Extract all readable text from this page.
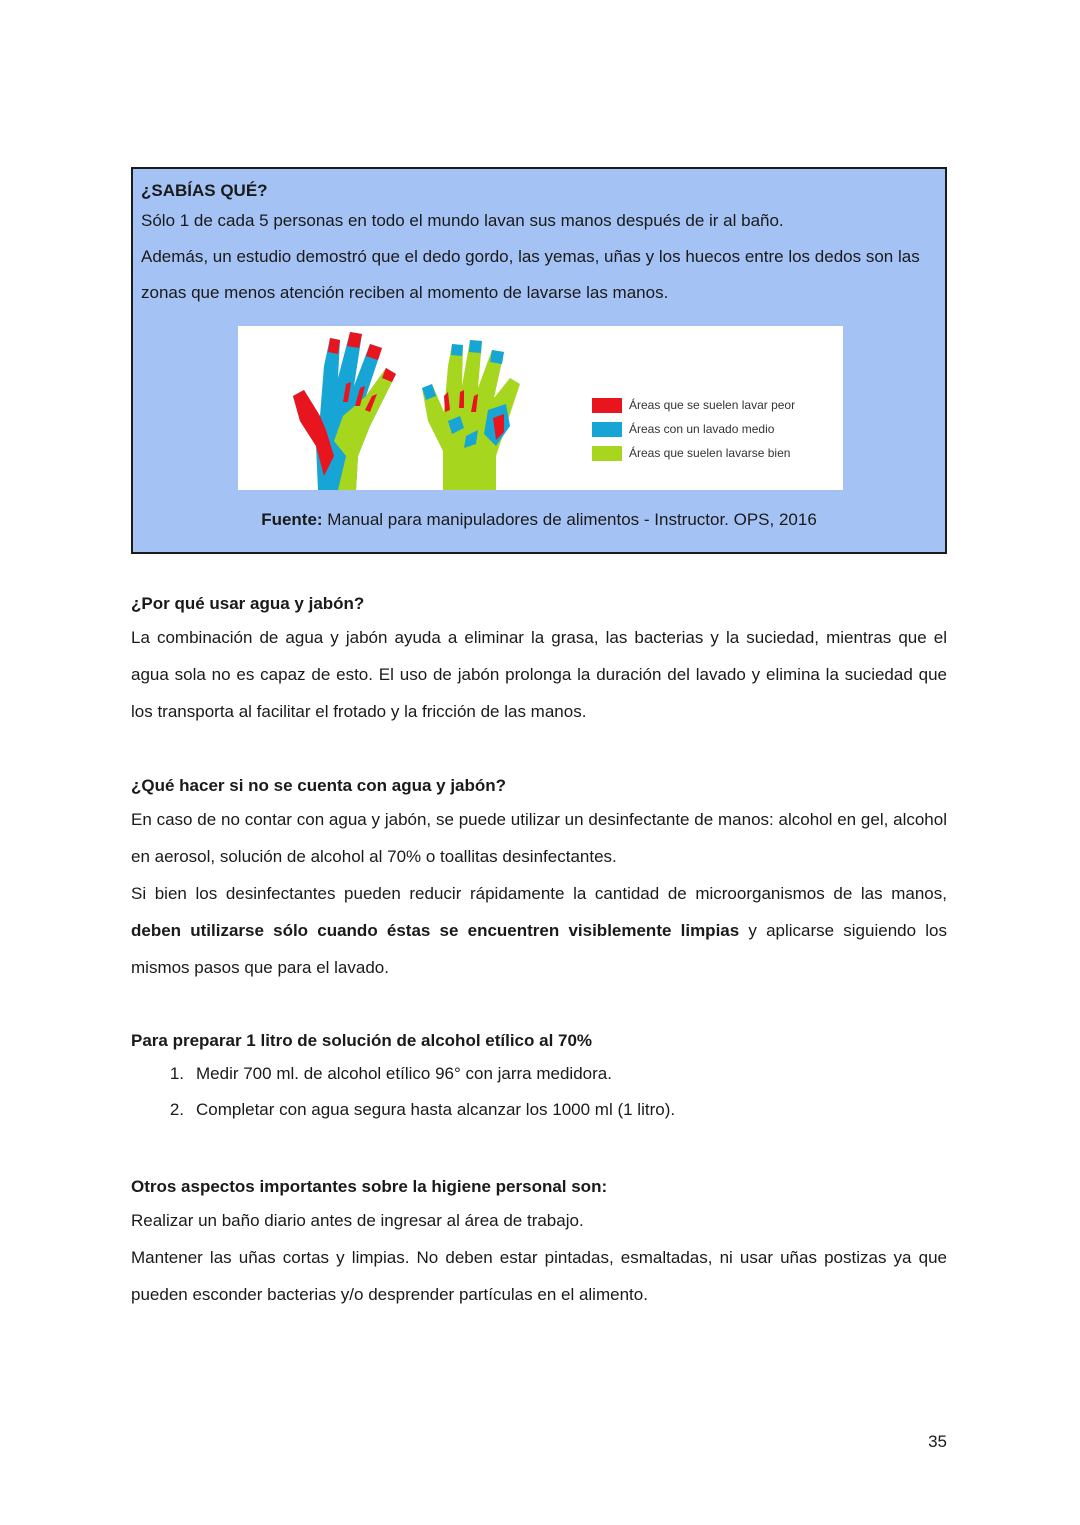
¿SABÍAS QUÉ?

Sólo 1 de cada 5 personas en todo el mundo lavan sus manos después de ir al baño.

Además, un estudio demostró que el dedo gordo, las yemas, uñas y los huecos entre los dedos son las zonas que menos atención reciben al momento de lavarse las manos.

Áreas que se suelen lavar peor
Áreas con un lavado medio
Áreas que suelen lavarse bien
Fuente: Manual para manipuladores de alimentos - Instructor. OPS, 2016
¿Por qué usar agua y jabón?

La combinación de agua y jabón ayuda a eliminar la grasa, las bacterias y la suciedad, mientras que el agua sola no es capaz de esto. El uso de jabón prolonga la duración del lavado y elimina la suciedad que los transporta al facilitar el frotado y la fricción de las manos.

¿Qué hacer si no se cuenta con agua y jabón?

En caso de no contar con agua y jabón, se puede utilizar un desinfectante de manos: alcohol en gel, alcohol en aerosol, solución de alcohol al 70% o toallitas desinfectantes.

Si bien los desinfectantes pueden reducir rápidamente la cantidad de microorganismos de las manos, deben utilizarse sólo cuando éstas se encuentren visiblemente limpias y aplicarse siguiendo los mismos pasos que para el lavado.

Para preparar 1 litro de solución de alcohol etílico al 70%
1. Medir 700 ml. de alcohol etílico 96° con jarra medidora.
2. Completar con agua segura hasta alcanzar los 1000 ml (1 litro).
Otros aspectos importantes sobre la higiene personal son:

Realizar un baño diario antes de ingresar al área de trabajo.

Mantener las uñas cortas y limpias. No deben estar pintadas, esmaltadas, ni usar uñas postizas ya que pueden esconder bacterias y/o desprender partículas en el alimento.

35
